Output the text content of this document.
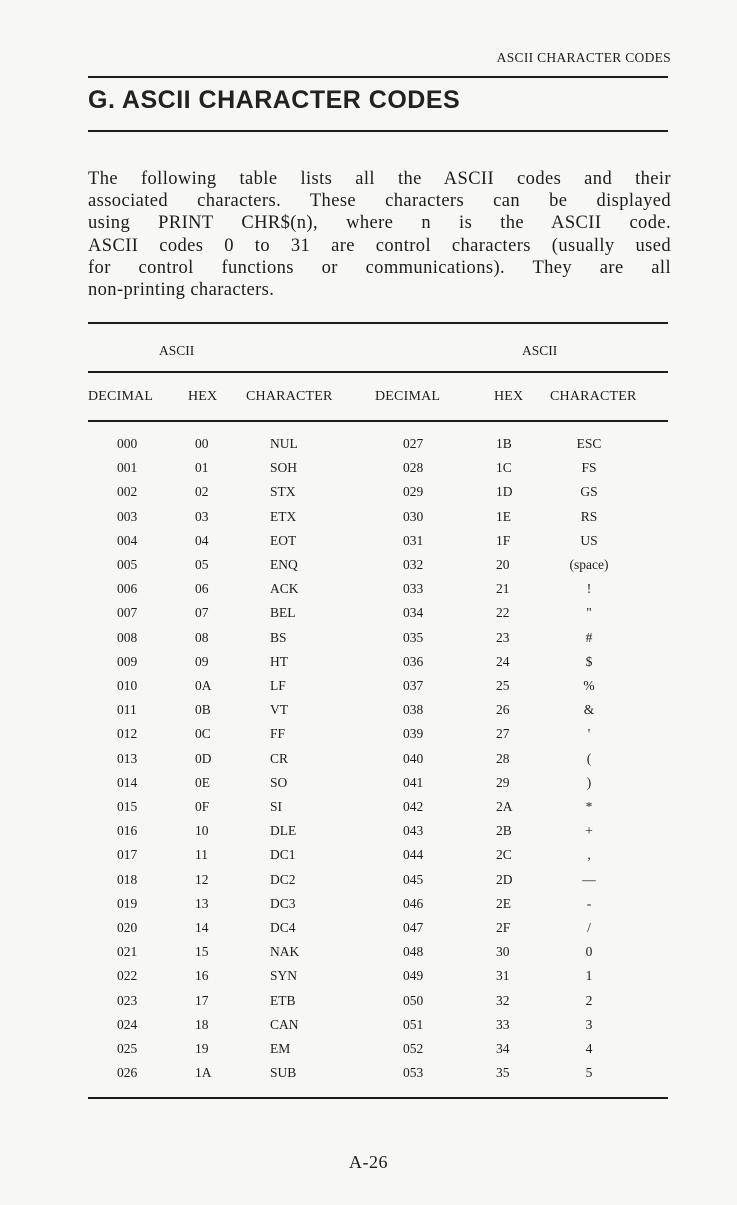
ASCII CHARACTER CODES
G. ASCII CHARACTER CODES
The following table lists all the ASCII codes and their
associated characters. These characters can be displayed
using PRINT CHR$(n), where n is the ASCII code.
ASCII codes 0 to 31 are control characters (usually used
for control functions or communications). They are all
non-printing characters.
ASCII	ASCII
DECIMAL HEX CHARACTER	DECIMAL	HEX CHARACTER
000	00	NUL	027	1B	ESC
001	01	SOH	028	1C	FS
002	02	STX	029	1D	GS
003	03	ETX	030	1E	RS
004	04	EOT	031	1F	US
005	05	ENQ	032	20	(space)
006	06	ACK	033	21	!
007	07	BEL	034	22	"
008	08	BS	035	23	#
009	09	HT	036	24	$
010	0A	LF	037	25	%
011	0B	VT	038	26	&
012	0C	FF	039	27	'
013	0D	CR	040	28	(
014	0E	SO	041	29	)
015	0F	SI	042	2A	*
016	10	DLE	043	2B	+
017	11	DC1	044	2C	,
018	12	DC2	045	2D	—
019	13	DC3	046	2E	-
020	14	DC4	047	2F	/
021	15	NAK	048	30	0
022	16	SYN	049	31	1
023	17	ETB	050	32	2
024	18	CAN	051	33	3
025	19	EM	052	34	4
026	1A	SUB	053	35	5
A-26
